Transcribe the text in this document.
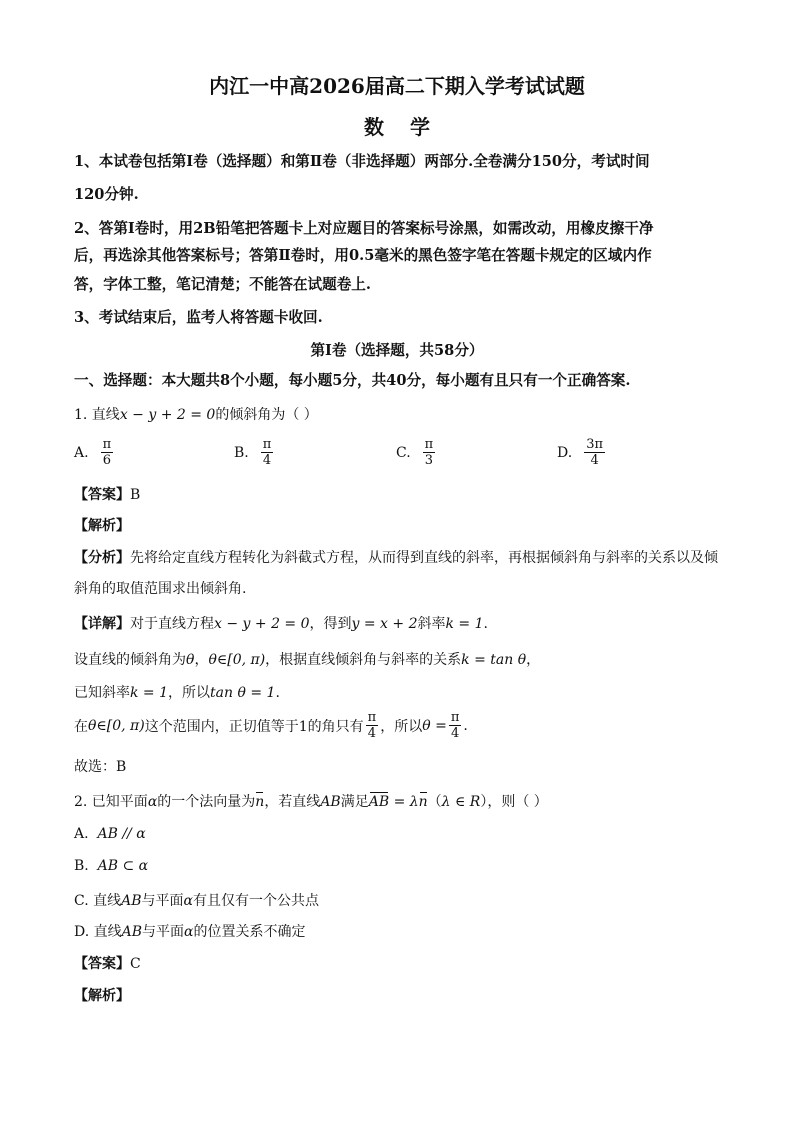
内江一中高2026届高二下期入学考试试题
数学
1、本试卷包括第Ⅰ卷（选择题）和第Ⅱ卷（非选择题）两部分.全卷满分150分，考试时间
120分钟.
2、答第Ⅰ卷时，用2B铅笔把答题卡上对应题目的答案标号涂黑，如需改动，用橡皮擦干净
后，再选涂其他答案标号；答第Ⅱ卷时，用0.5毫米的黑色签字笔在答题卡规定的区域内作
答，字体工整，笔记清楚；不能答在试题卷上.
3、考试结束后，监考人将答题卡收回.
第Ⅰ卷（选择题，共58分）
一、选择题：本大题共8个小题，每小题5分，共40分，每小题有且只有一个正确答案.
1. 直线x − y + 2 = 0的倾斜角为（ ）
A. $\frac{\pi}{6}$	B. $\frac{\pi}{4}$	C. $\frac{\pi}{3}$	D. $\frac{3\pi}{4}$
【答案】B
【解析】
【分析】先将给定直线方程转化为斜截式方程，从而得到直线的斜率，再根据倾斜角与斜率的关系以及倾
斜角的取值范围求出倾斜角.
【详解】对于直线方程x − y + 2 = 0，得到y = x + 2斜率k = 1.
设直线的倾斜角为θ，θ∈[0, π)，根据直线倾斜角与斜率的关系k = tan θ，
已知斜率k = 1，所以tan θ = 1.
在 θ∈[0, π) 这个范围内，正切值等于1的角只有 $\frac{\pi}{4}$ ，所以 $\theta = \frac{\pi}{4}$ .
故选：B
2. 已知平面α的一个法向量为n，若直线AB满足AB = λn（λ ∈ R），则（ ）
A. AB // α
B. AB ⊂ α
C. 直线AB与平面α有且仅有一个公共点
D. 直线AB与平面α的位置关系不确定
【答案】C
【解析】
